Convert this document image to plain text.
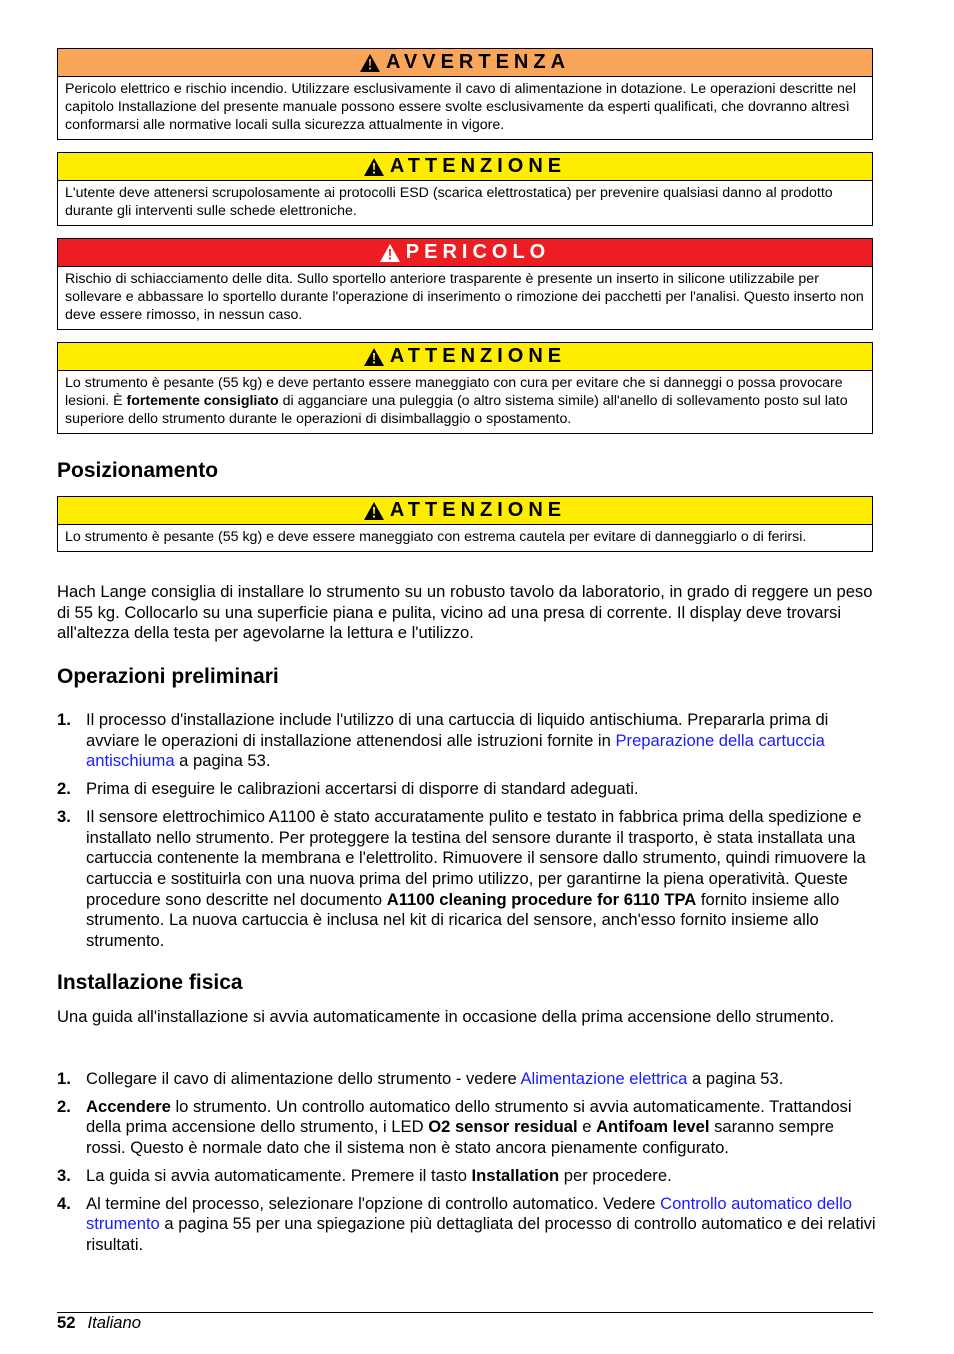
AVVERTENZA
Pericolo elettrico e rischio incendio. Utilizzare esclusivamente il cavo di alimentazione in dotazione. Le operazioni descritte nel capitolo Installazione del presente manuale possono essere svolte esclusivamente da esperti qualificati, che dovranno altresì conformarsi alle normative locali sulla sicurezza attualmente in vigore.
ATTENZIONE
L'utente deve attenersi scrupolosamente ai protocolli ESD (scarica elettrostatica) per prevenire qualsiasi danno al prodotto durante gli interventi sulle schede elettroniche.
PERICOLO
Rischio di schiacciamento delle dita. Sullo sportello anteriore trasparente è presente un inserto in silicone utilizzabile per sollevare e abbassare lo sportello durante l'operazione di inserimento o rimozione dei pacchetti per l'analisi. Questo inserto non deve essere rimosso, in nessun caso.
ATTENZIONE
Lo strumento è pesante (55 kg) e deve pertanto essere maneggiato con cura per evitare che si danneggi o possa provocare lesioni. È fortemente consigliato di agganciare una puleggia (o altro sistema simile) all'anello di sollevamento posto sul lato superiore dello strumento durante le operazioni di disimballaggio o spostamento.
Posizionamento
ATTENZIONE
Lo strumento è pesante (55 kg) e deve essere maneggiato con estrema cautela per evitare di danneggiarlo o di ferirsi.

Hach Lange consiglia di installare lo strumento su un robusto tavolo da laboratorio, in grado di reggere un peso di 55 kg. Collocarlo su una superficie piana e pulita, vicino ad una presa di corrente. Il display deve trovarsi all'altezza della testa per agevolarne la lettura e l'utilizzo.

Operazioni preliminari
1. Il processo d'installazione include l'utilizzo di una cartuccia di liquido antischiuma. Prepararla prima di avviare le operazioni di installazione attenendosi alle istruzioni fornite in Preparazione della cartuccia antischiuma a pagina 53.
2. Prima di eseguire le calibrazioni accertarsi di disporre di standard adeguati.
3. Il sensore elettrochimico A1100 è stato accuratamente pulito e testato in fabbrica prima della spedizione e installato nello strumento. Per proteggere la testina del sensore durante il trasporto, è stata installata una cartuccia contenente la membrana e l'elettrolito. Rimuovere il sensore dallo strumento, quindi rimuovere la cartuccia e sostituirla con una nuova prima del primo utilizzo, per garantirne la piena operatività. Queste procedure sono descritte nel documento A1100 cleaning procedure for 6110 TPA fornito insieme allo strumento. La nuova cartuccia è inclusa nel kit di ricarica del sensore, anch'esso fornito insieme allo strumento.
Installazione fisica

Una guida all'installazione si avvia automaticamente in occasione della prima accensione dello strumento.

1. Collegare il cavo di alimentazione dello strumento - vedere Alimentazione elettrica a pagina 53.
2. Accendere lo strumento. Un controllo automatico dello strumento si avvia automaticamente. Trattandosi della prima accensione dello strumento, i LED O2 sensor residual e Antifoam level saranno sempre rossi. Questo è normale dato che il sistema non è stato ancora pienamente configurato.
3. La guida si avvia automaticamente. Premere il tasto Installation per procedere.
4. Al termine del processo, selezionare l'opzione di controllo automatico. Vedere Controllo automatico dello strumento a pagina 55 per una spiegazione più dettagliata del processo di controllo automatico e dei relativi risultati.
52 Italiano
